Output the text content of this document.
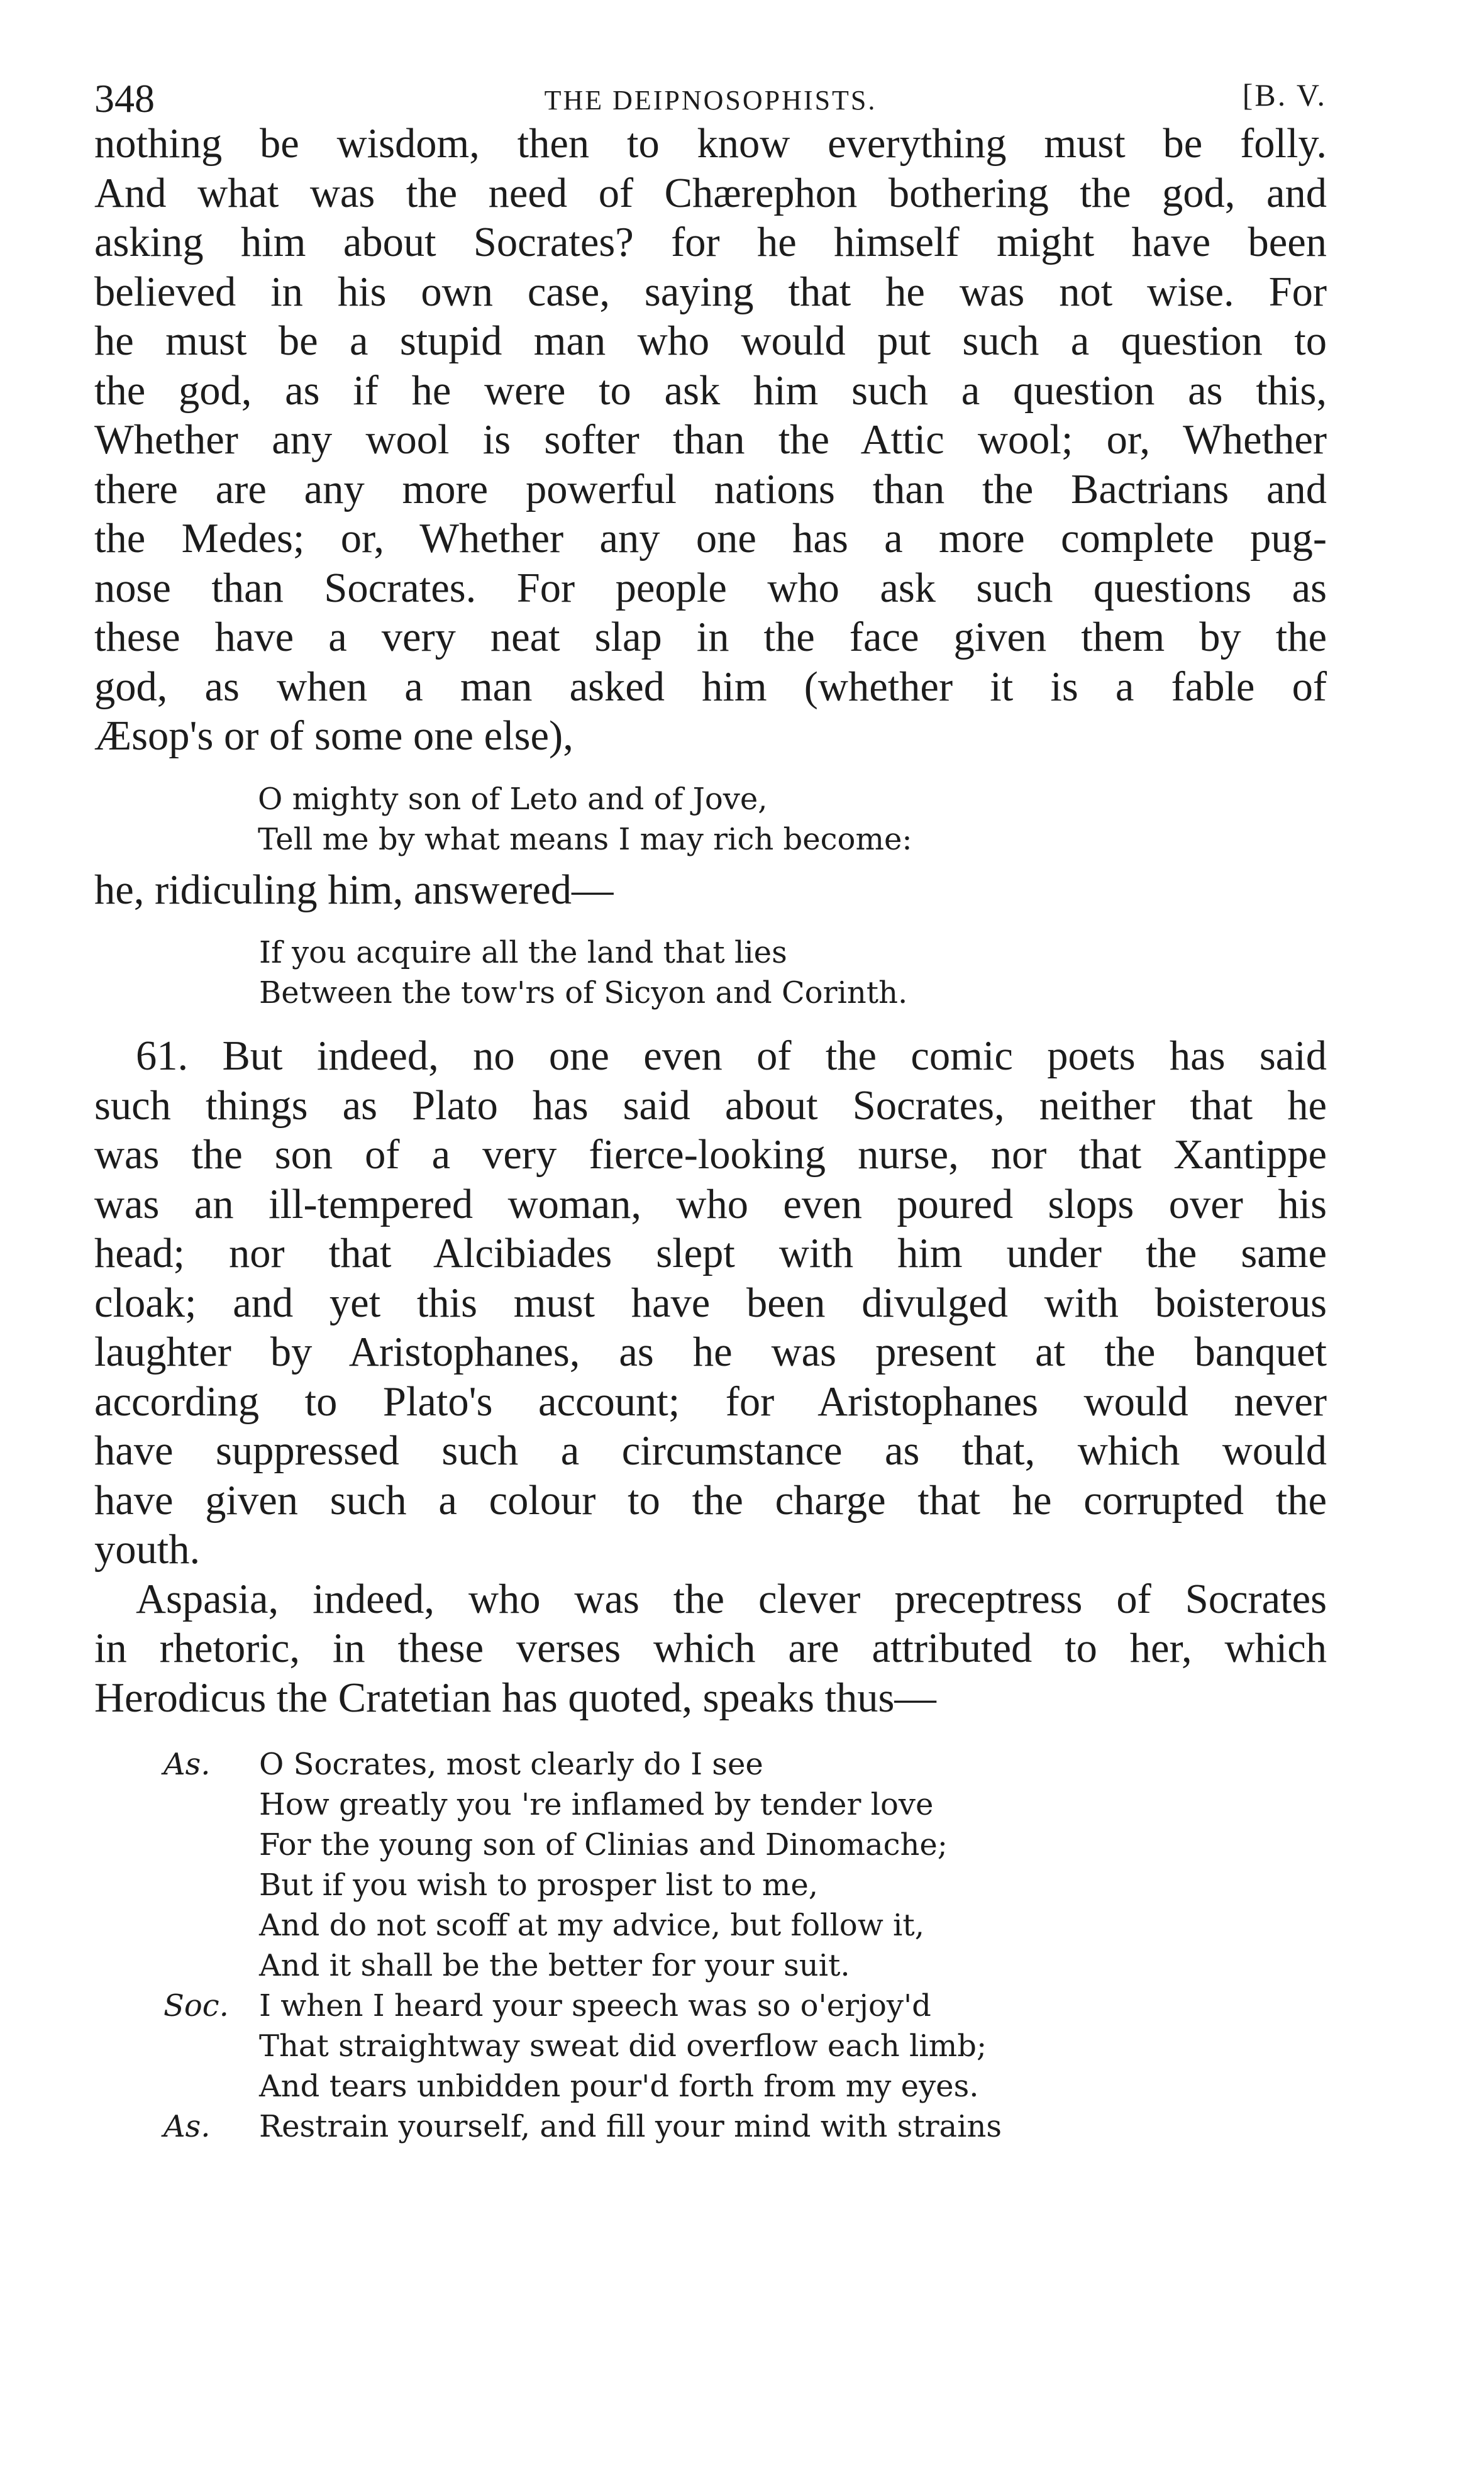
348	THE DEIPNOSOPHISTS.	[B. V.
nothing be wisdom, then to know everything must be folly.
And what was the need of Chærephon bothering the god, and
asking him about Socrates? for he himself might have been
believed in his own case, saying that he was not wise. For
he must be a stupid man who would put such a question to
the god, as if he were to ask him such a question as this,
Whether any wool is softer than the Attic wool; or, Whether
there are any more powerful nations than the Bactrians and
the Medes; or, Whether any one has a more complete pug-
nose than Socrates. For people who ask such questions as
these have a very neat slap in the face given them by the
god, as when a man asked him (whether it is a fable of
Æsop's or of some one else),
O mighty son of Leto and of Jove,
Tell me by what means I may rich become:
he, ridiculing him, answered—
If you acquire all the land that lies
Between the tow'rs of Sicyon and Corinth.
61. But indeed, no one even of the comic poets has said
such things as Plato has said about Socrates, neither that he
was the son of a very fierce-looking nurse, nor that Xantippe
was an ill-tempered woman, who even poured slops over his
head; nor that Alcibiades slept with him under the same
cloak; and yet this must have been divulged with boisterous
laughter by Aristophanes, as he was present at the banquet
according to Plato's account; for Aristophanes would never
have suppressed such a circumstance as that, which would
have given such a colour to the charge that he corrupted the
youth.
Aspasia, indeed, who was the clever preceptress of Socrates
in rhetoric, in these verses which are attributed to her, which
Herodicus the Cratetian has quoted, speaks thus—
As.	O Socrates, most clearly do I see
How greatly you 're inflamed by tender love
For the young son of Clinias and Dinomache;
But if you wish to prosper list to me,
And do not scoff at my advice, but follow it,
And it shall be the better for your suit.
Soc.	I when I heard your speech was so o'erjoy'd
That straightway sweat did overflow each limb;
And tears unbidden pour'd forth from my eyes.
As.	Restrain yourself, and fill your mind with strains
